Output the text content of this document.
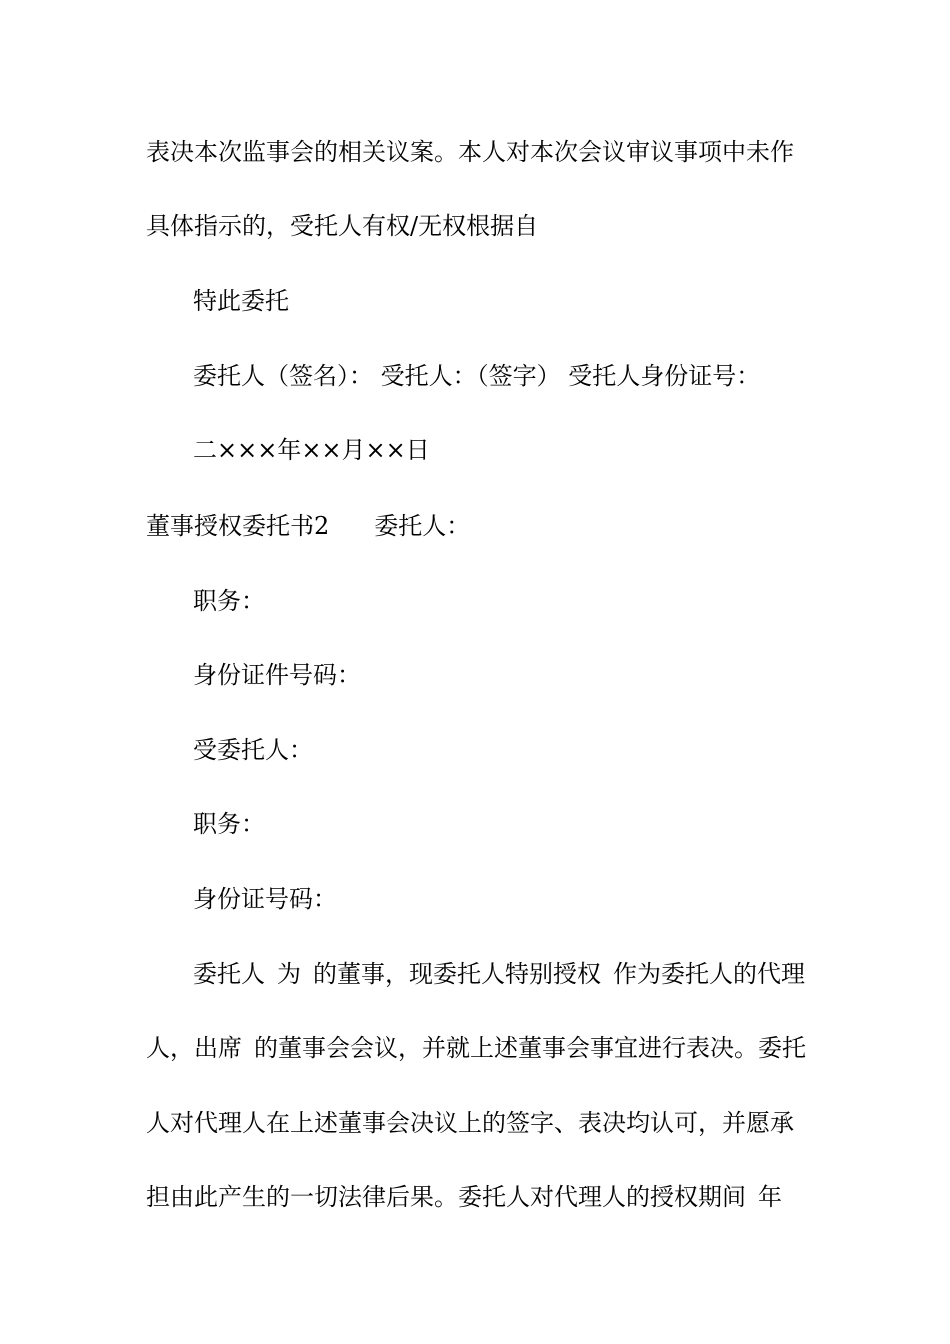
表决本次监事会的相关议案。本人对本次会议审议事项中未作
具体指示的，受托人有权/无权根据自
特此委托
委托人（签名）： 受托人：（签字） 受托人身份证号：
二×××年××月××日
董事授权委托书2 委托人：
职务：
身份证件号码：
受委托人：
职务：
身份证号码：
委托人 为 的董事，现委托人特别授权 作为委托人的代理
人，出席 的董事会会议，并就上述董事会事宜进行表决。委托
人对代理人在上述董事会决议上的签字、表决均认可，并愿承
担由此产生的一切法律后果。委托人对代理人的授权期间 年
